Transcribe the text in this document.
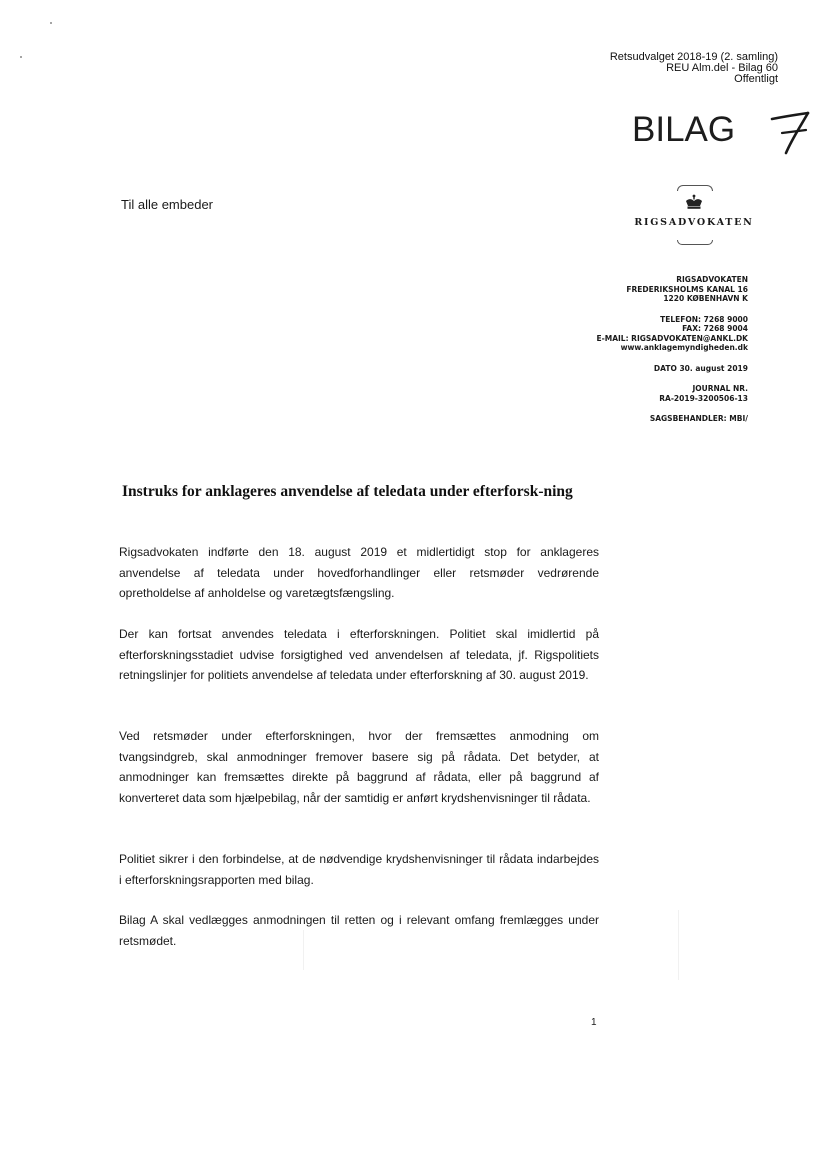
Retsudvalget 2018-19 (2. samling)
REU Alm.del - Bilag 60
Offentligt
BILAG
7
Til alle embeder
RIGSADVOKATEN
RIGSADVOKATEN
FREDERIKSHOLMS KANAL 16
1220 KØBENHAVN K
TELEFON: 7268 9000
FAX: 7268 9004
E-MAIL: RIGSADVOKATEN@ANKL.DK
www.anklagemyndigheden.dk
DATO 30. august 2019
JOURNAL NR.
RA-2019-3200506-13
SAGSBEHANDLER: MBI/
Instruks for anklageres anvendelse af teledata under efterforsk-ning
Rigsadvokaten indførte den 18. august 2019 et midlertidigt stop for anklageres anvendelse af teledata under hovedforhandlinger eller retsmøder vedrørende opretholdelse af anholdelse og varetægtsfængsling.
Der kan fortsat anvendes teledata i efterforskningen. Politiet skal imidlertid på efterforskningsstadiet udvise forsigtighed ved anvendelsen af teledata, jf. Rigspolitiets retningslinjer for politiets anvendelse af teledata under efterforskning af 30. august 2019.
Ved retsmøder under efterforskningen, hvor der fremsættes anmodning om tvangsindgreb, skal anmodninger fremover basere sig på rådata. Det betyder, at anmodninger kan fremsættes direkte på baggrund af rådata, eller på baggrund af konverteret data som hjælpebilag, når der samtidig er anført krydshenvisninger til rådata.
Politiet sikrer i den forbindelse, at de nødvendige krydshenvisninger til rådata indarbejdes i efterforskningsrapporten med bilag.
Bilag A skal vedlægges anmodningen til retten og i relevant omfang fremlægges under retsmødet.
1
